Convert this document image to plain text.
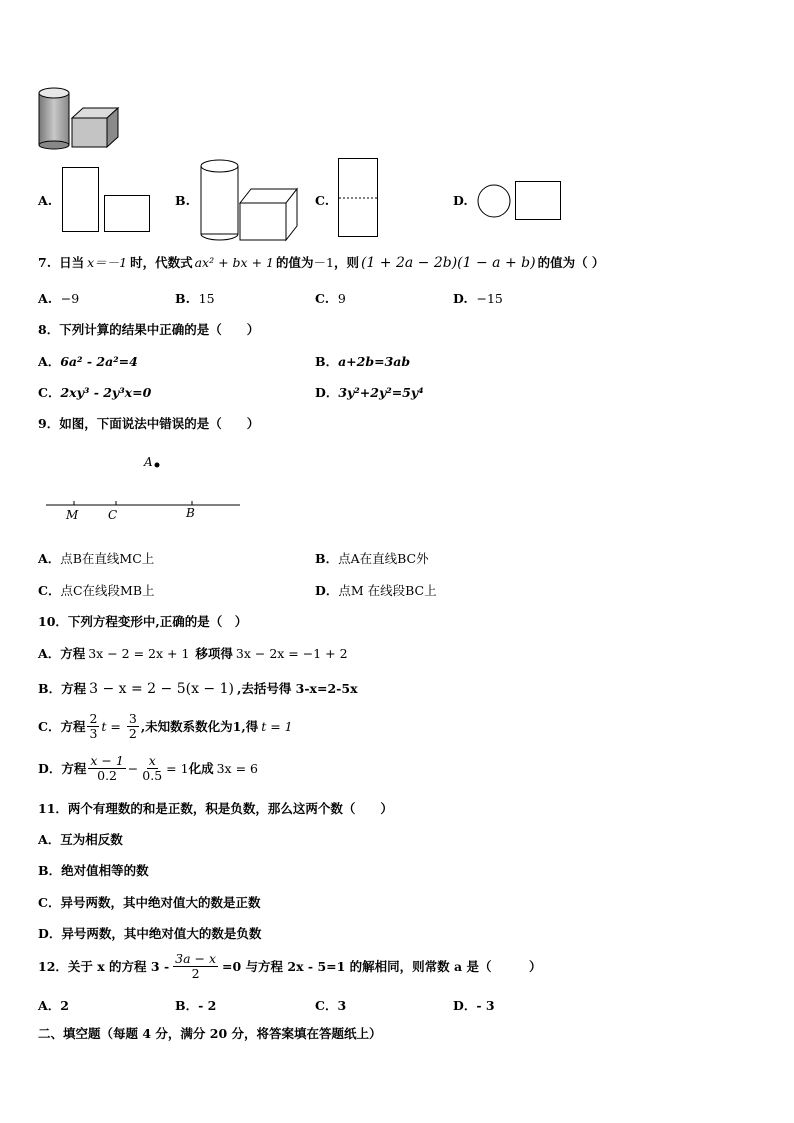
A.	B.	C.	D.
7. 日当 x＝－1 时，代数式 ax² + bx + 1 的值为 －1 ，则 (1 + 2a − 2b)(1 − a + b) 的值为（ ）
A. −9	B. 15	C. 9	D. −15
8．下列计算的结果中正确的是（　　）
A．6a² - 2a²=4	B．a+2b=3ab
C．2xy³ - 2y³x=0	D．3y²+2y²=5y⁴
9．如图，下面说法中错误的是（　　）
A
M C	B
A．点B在直线MC上	B．点A在直线BC外
C．点C在线段MB上	D．点M 在线段BC上
10．下列方程变形中,正确的是（　）
A． 方程 3x − 2 = 2x + 1 移项得 3x − 2x = −1 + 2
B． 方程 3 − x = 2 − 5(x − 1) ,去括号得 3-x=2-5x
C． 方程 $\frac{2}{3}$ $t = \frac{3}{2}$ ,未知数系数化为1,得 t = 1
D． 方程 $\frac{x - 1}{0.2} - \frac{x}{0.5} = 1$ 化成 3x = 6
11．两个有理数的和是正数，积是负数，那么这两个数（　　）
A．互为相反数
B．绝对值相等的数
C．异号两数，其中绝对值大的数是正数
D．异号两数，其中绝对值大的数是负数
12．关于 x 的方程 $3 - \frac{3a - x}{2} =0$ 与方程 2x - 5=1 的解相同，则常数 a 是（　　　）
A．2	B．- 2	C．3	D．- 3
二、填空题（每题 4 分，满分 20 分，将答案填在答题纸上）
